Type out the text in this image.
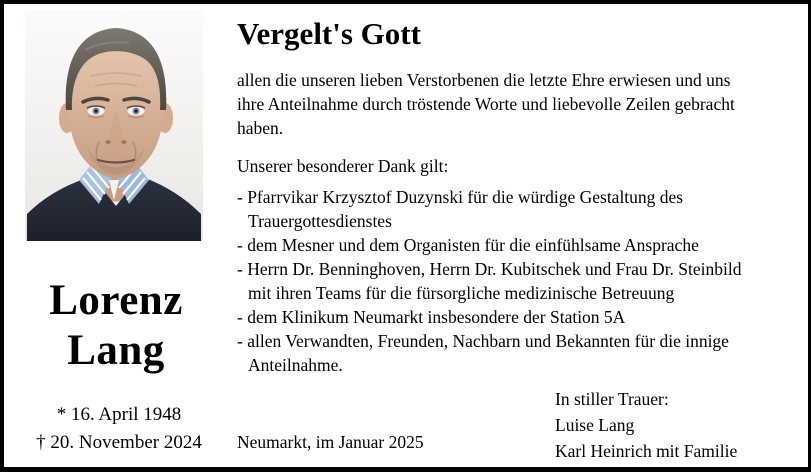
Lorenz
Lang
* 16. April 1948
† 20. November 2024
Vergelt's Gott
allen die unseren lieben Verstorbenen die letzte Ehre erwiesen und uns ihre Anteilnahme durch tröstende Worte und liebevolle Zeilen gebracht haben.
Unserer besonderer Dank gilt:
- Pfarrvikar Krzysztof Duzynski für die würdige Gestaltung des Trauergottesdienstes
- dem Mesner und dem Organisten für die einfühlsame Ansprache
- Herrn Dr. Benninghoven, Herrn Dr. Kubitschek und Frau Dr. Steinbild mit ihren Teams für die fürsorgliche medizinische Betreuung
- dem Klinikum Neumarkt insbesondere der Station 5A
- allen Verwandten, Freunden, Nachbarn und Bekannten für die innige Anteilnahme.
Neumarkt, im Januar 2025
In stiller Trauer:
Luise Lang
Karl Heinrich mit Familie
